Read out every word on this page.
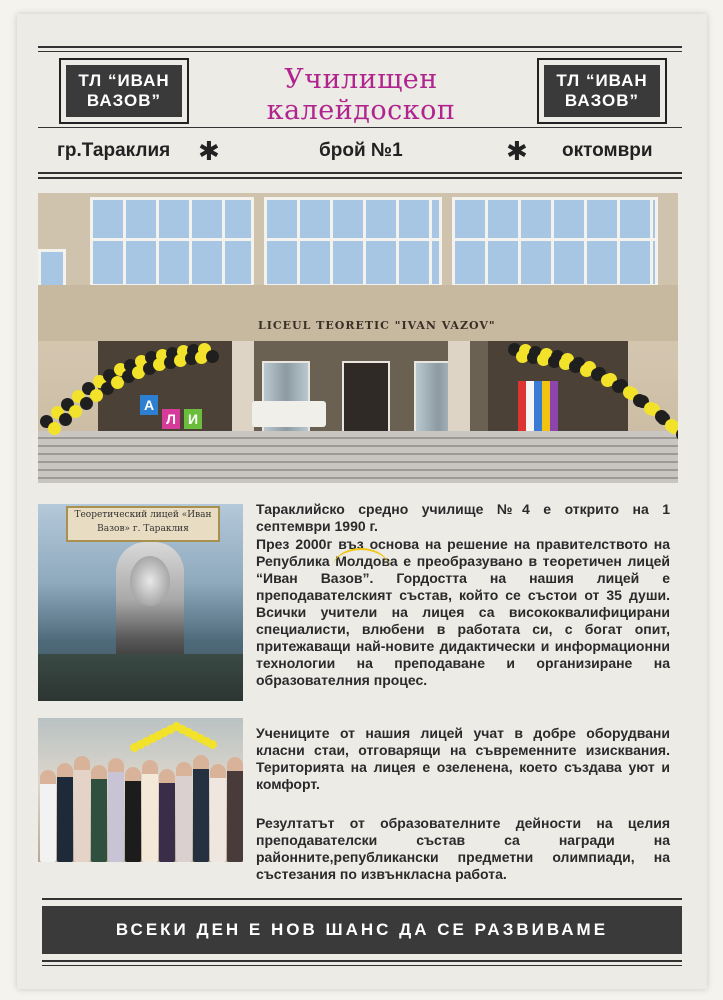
ТЛ “ИВАН
ВАЗОВ”
Училищен калейдоскоп
ТЛ “ИВАН
ВАЗОВ”
гр.Тараклия ✱	брой №1	✱ октомври
LICEUL TEORETIC "IVAN VAZOV"
А
Л И
Теоретический лицей «Иван Вазов» г. Тараклия
Тараклийско средно училище №4 е открито на 1 септември 1990 г.
През 2000г въз основа на решение на правителството на Република Молдова е преобразувано в теоретичен лицей “Иван Вазов”. Гордостта на нашия лицей е преподавателският състав, който се състои от 35 души. Всички учители на лицея са висококвалифицирани специалисти, влюбени в работата си, с богат опит, притежаващи най-новите дидактически и информационни технологии на преподаване и организиране на образователния процес.
Учениците от нашия лицей учат в добре оборудвани класни стаи, отговарящи на съвременните изисквания. Територията на лицея е озеленена, което създава уют и комфорт.
Резултатът от образователните дейности на целия преподавателски състав са награди на районните,републикански предметни олимпиади, на състезания по извънкласна работа.
ВСЕКИ ДЕН Е НОВ ШАНС ДА СЕ РАЗВИВАМЕ
